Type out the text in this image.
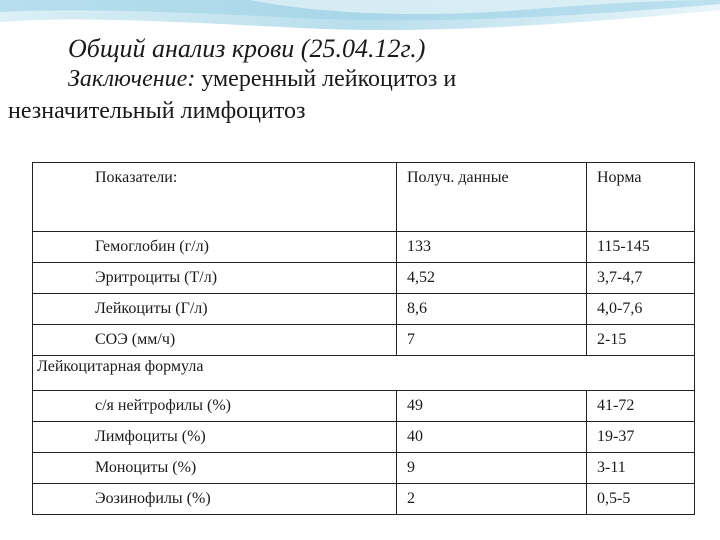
Общий анализ крови (25.04.12г.)
Заключение: умеренный лейкоцитоз и
незначительный лимфоцитоз
Показатели:	Получ. данные	Норма
Гемоглобин (г/л)	133	115-145
Эритроциты (Т/л)	4,52	3,7-4,7
Лейкоциты (Г/л)	8,6	4,0-7,6
СОЭ (мм/ч)	7	2-15
Лейкоцитарная формула		
с/я нейтрофилы (%)	49	41-72
Лимфоциты (%)	40	19-37
Моноциты (%)	9	3-11
Эозинофилы (%)	2	0,5-5
